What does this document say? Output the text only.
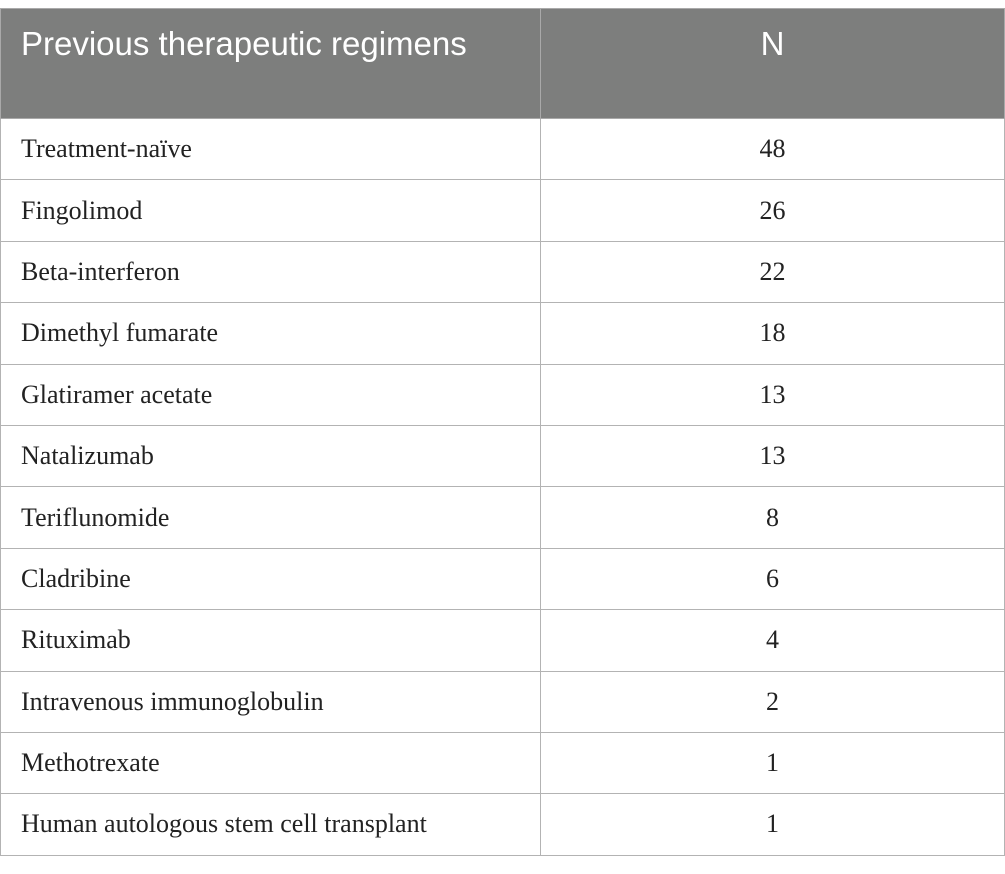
Previous therapeutic regimens	N
Treatment-naïve	48
Fingolimod	26
Beta-interferon	22
Dimethyl fumarate	18
Glatiramer acetate	13
Natalizumab	13
Teriflunomide	8
Cladribine	6
Rituximab	4
Intravenous immunoglobulin	2
Methotrexate	1
Human autologous stem cell transplant	1
